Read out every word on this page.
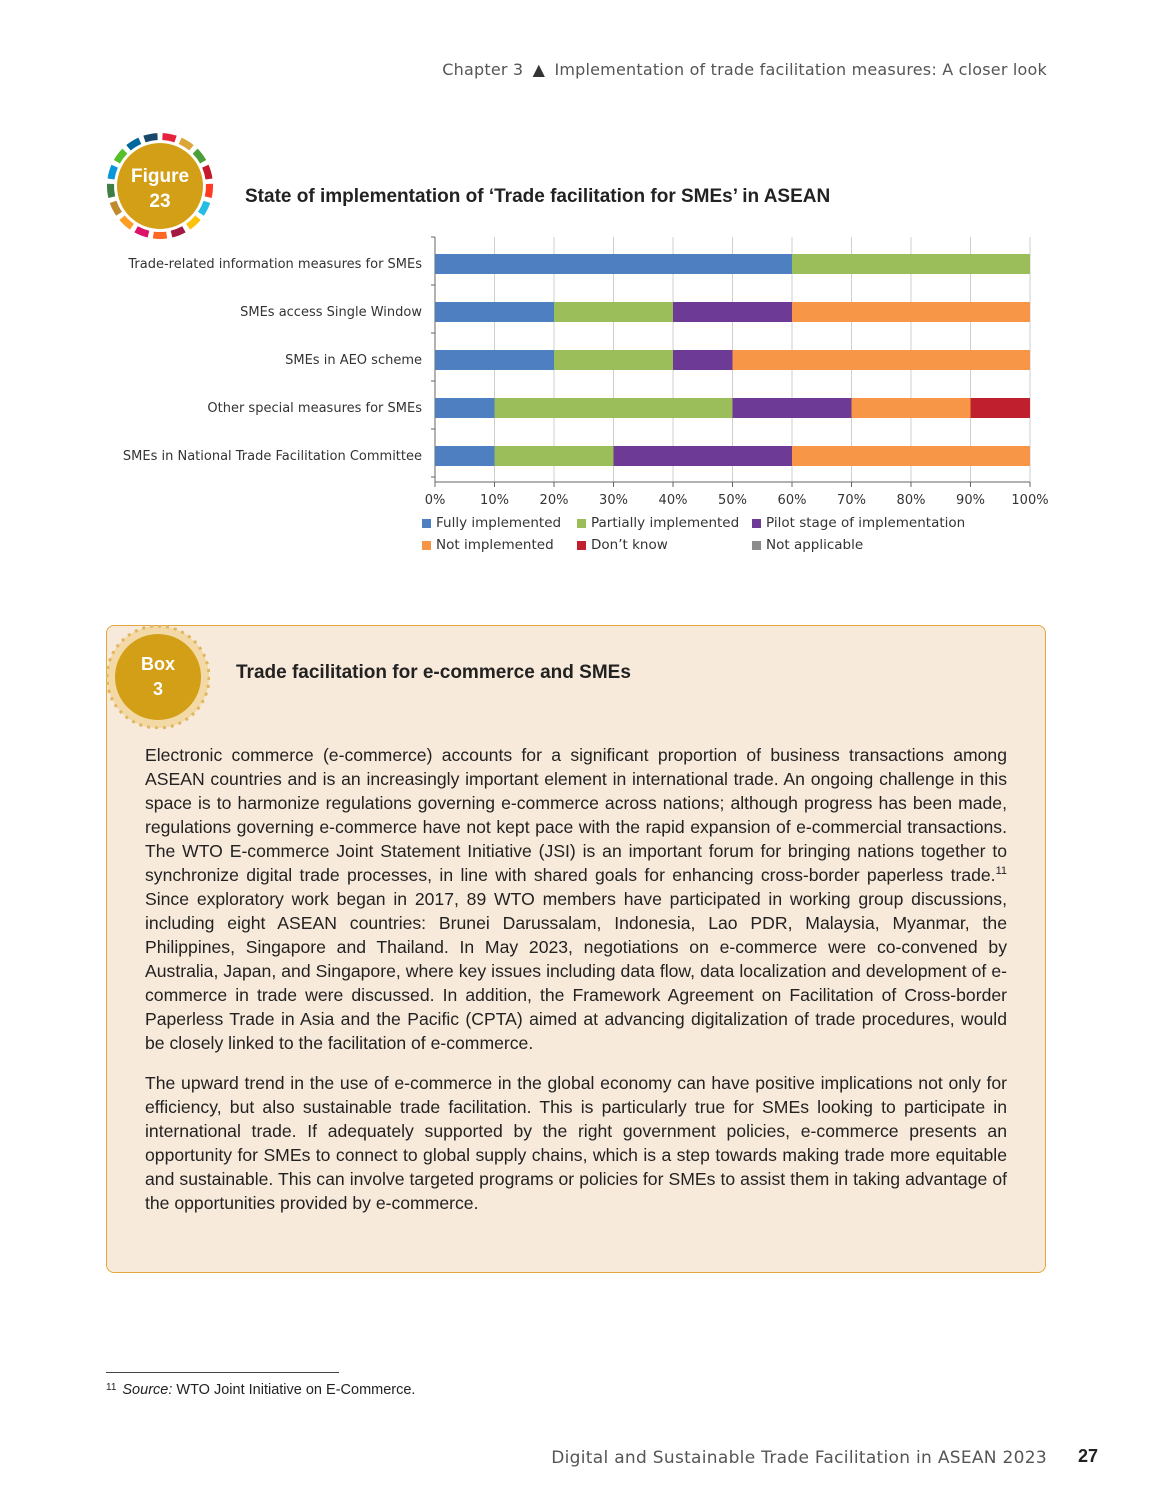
Chapter 3 ▲ Implementation of trade facilitation measures: A closer look
Figure
23	State of implementation of ‘Trade facilitation for SMEs’ in ASEAN
Trade-related information measures for SMEs
SMEs access Single Window
SMEs in AEO scheme
Other special measures for SMEs
SMEs in National Trade Facilitation Committee
0%	10% 20% 30% 40% 50% 60% 70% 80% 90% 100%
Fully implemented Partially implemented Pilot stage of implementation
Not implemented	Don’t know	Not applicable
Box
3
Trade facilitation for e-commerce and SMEs

Electronic commerce (e-commerce) accounts for a significant proportion of business transactions among ASEAN countries and is an increasingly important element in international trade. An ongoing challenge in this space is to harmonize regulations governing e-commerce across nations; although progress has been made, regulations governing e-commerce have not kept pace with the rapid expansion of e-commercial transactions. The WTO E-commerce Joint Statement Initiative (JSI) is an important forum for bringing nations together to synchronize digital trade processes, in line with shared goals for enhancing cross-border paperless trade.$^{11}$ Since exploratory work began in 2017, 89 WTO members have participated in working group discussions, including eight ASEAN countries: Brunei Darussalam, Indonesia, Lao PDR, Malaysia, Myanmar, the Philippines, Singapore and Thailand. In May 2023, negotiations on e-commerce were co-convened by Australia, Japan, and Singapore, where key issues including data flow, data localization and development of e-commerce in trade were discussed. In addition, the Framework Agreement on Facilitation of Cross-border Paperless Trade in Asia and the Pacific (CPTA) aimed at advancing digitalization of trade procedures, would be closely linked to the facilitation of e-commerce.

The upward trend in the use of e-commerce in the global economy can have positive implications not only for efficiency, but also sustainable trade facilitation. This is particularly true for SMEs looking to participate in international trade. If adequately supported by the right government policies, e-commerce presents an opportunity for SMEs to connect to global supply chains, which is a step towards making trade more equitable and sustainable. This can involve targeted programs or policies for SMEs to assist them in taking advantage of the opportunities provided by e-commerce.

$^{11}$ Source: WTO Joint Initiative on E-Commerce.
Digital and Sustainable Trade Facilitation in ASEAN 2023 27
